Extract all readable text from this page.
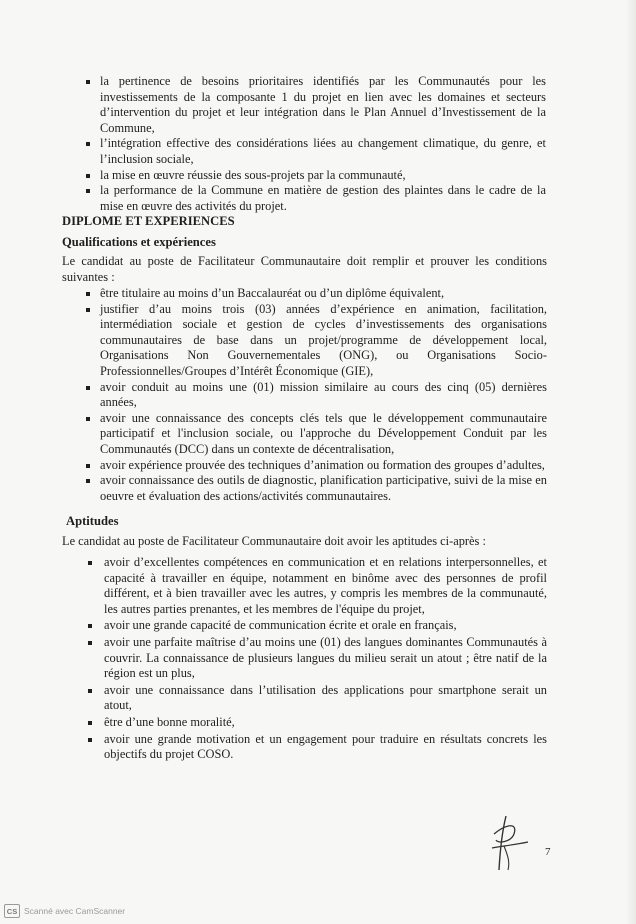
la pertinence de besoins prioritaires identifiés par les Communautés pour les investissements de la composante 1 du projet en lien avec les domaines et secteurs d’intervention du projet et leur intégration dans le Plan Annuel d’Investissement de la Commune,
l’intégration effective des considérations liées au changement climatique, du genre, et l’inclusion sociale,
la mise en œuvre réussie des sous-projets par la communauté,
la performance de la Commune en matière de gestion des plaintes dans le cadre de la mise en œuvre des activités du projet.
DIPLOME ET EXPERIENCES
Qualifications et expériences
Le candidat au poste de Facilitateur Communautaire doit remplir et prouver les conditions suivantes :
être titulaire au moins d’un Baccalauréat ou d’un diplôme équivalent,
justifier d’au moins trois (03) années d’expérience en animation, facilitation, intermédiation sociale et gestion de cycles d’investissements des organisations communautaires de base dans un projet/programme de développement local, Organisations Non Gouvernementales (ONG), ou Organisations Socio-Professionnelles/Groupes d’Intérêt Économique (GIE),
avoir conduit au moins une (01) mission similaire au cours des cinq (05) dernières années,
avoir une connaissance des concepts clés tels que le développement communautaire participatif et l'inclusion sociale, ou l'approche du Développement Conduit par les Communautés (DCC) dans un contexte de décentralisation,
avoir expérience prouvée des techniques d’animation ou formation des groupes d’adultes,
avoir connaissance des outils de diagnostic, planification participative, suivi de la mise en oeuvre et évaluation des actions/activités communautaires.
Aptitudes
Le candidat au poste de Facilitateur Communautaire doit avoir les aptitudes ci-après :
avoir d’excellentes compétences en communication et en relations interpersonnelles, et capacité à travailler en équipe, notamment en binôme avec des personnes de profil différent, et à bien travailler avec les autres, y compris les membres de la communauté, les autres parties prenantes, et les membres de l'équipe du projet,
avoir une grande capacité de communication écrite et orale en français,
avoir une parfaite maîtrise d’au moins une (01) des langues dominantes Communautés à couvrir. La connaissance de plusieurs langues du milieu serait un atout ; être natif de la région est un plus,
avoir une connaissance dans l’utilisation des applications pour smartphone serait un atout,
être d’une bonne moralité,
avoir une grande motivation et un engagement pour traduire en résultats concrets les objectifs du projet COSO.
7
CS Scanné avec CamScanner
